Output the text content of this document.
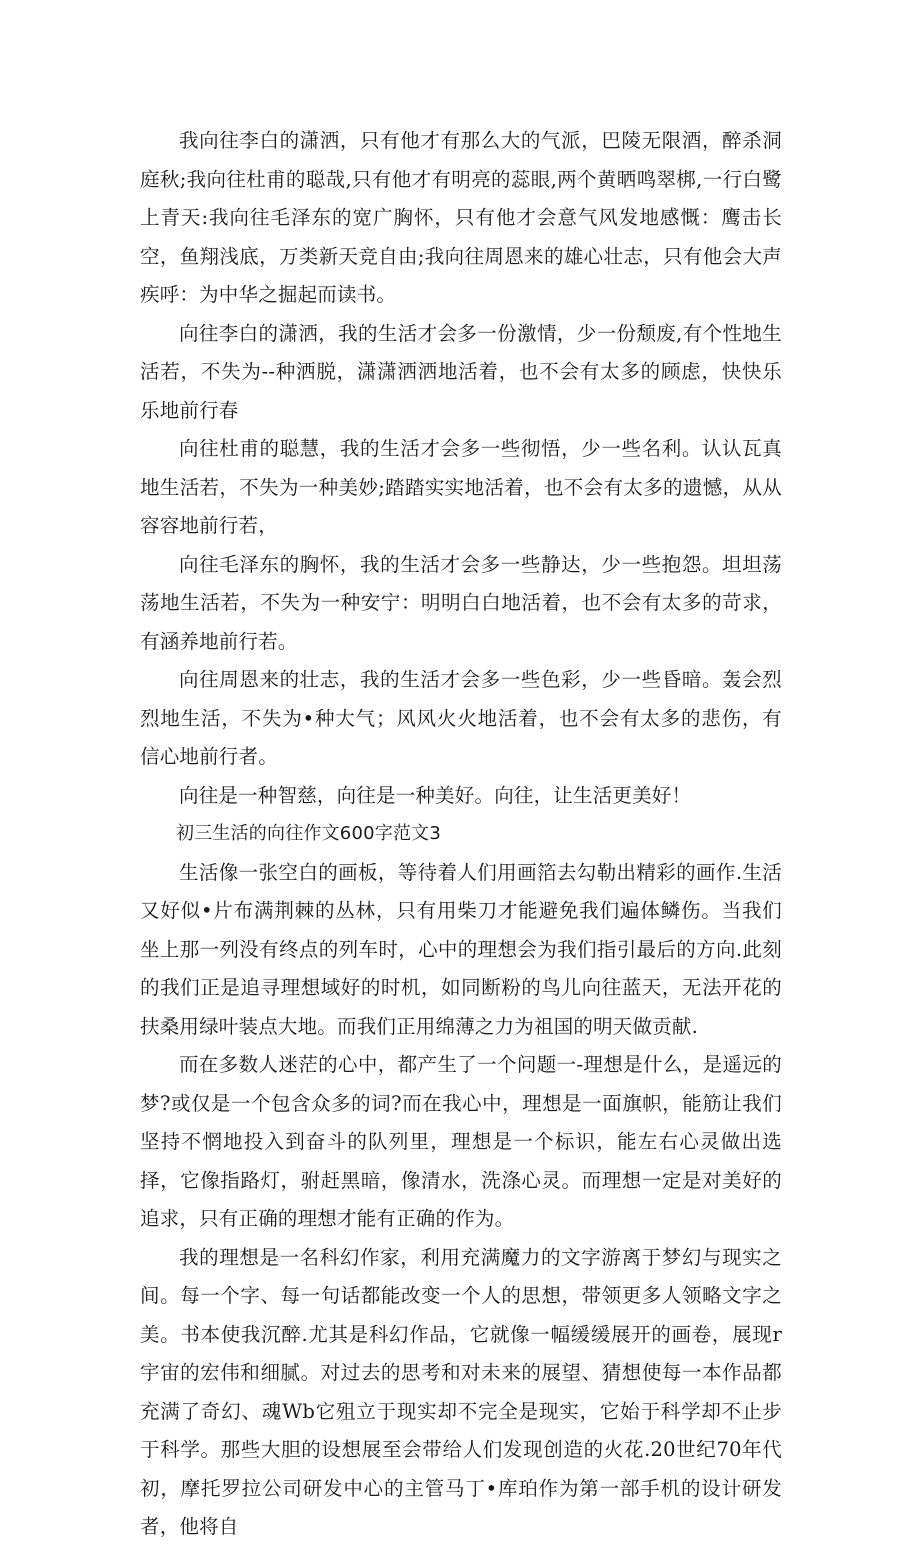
我向往李白的潇洒，只有他才有那么大的气派，巴陵无限酒，醉杀洞庭秋;我向往杜甫的聪哉,只有他才有明亮的蕊眼,两个黄晒鸣翠梆,一行白鹭上青天:我向往毛泽东的宽广胸怀，只有他才会意气风发地感慨：鹰击长空，鱼翔浅底，万类新天竞自由;我向往周恩来的雄心壮志，只有他会大声疾呼：为中华之掘起而读书。

向往李白的潇洒，我的生活才会多一份激情，少一份颓废,有个性地生活若，不失为--种洒脱，潇潇洒洒地活着，也不会有太多的顾虑，快快乐乐地前行春

向往杜甫的聪慧，我的生活才会多一些彻悟，少一些名利。认认瓦真地生活若，不失为一种美妙;踏踏实实地活着，也不会有太多的遗憾，从从容容地前行若，

向往毛泽东的胸怀，我的生活才会多一些静达，少一些抱怨。坦坦荡荡地生活若，不失为一种安宁：明明白白地活着，也不会有太多的苛求，有涵养地前行若。

向往周恩来的壮志，我的生活才会多一些色彩，少一些昏暗。轰会烈烈地生活，不失为•种大气；风风火火地活着，也不会有太多的悲伤，有信心地前行者。

向往是一种智慈，向往是一种美好。向往，让生活更美好！

初三生活的向往作文600字范文3

生活像一张空白的画板，等待着人们用画箔去勾勒出精彩的画作.生活又好似•片布满荆棘的丛林，只有用柴刀才能避免我们遍体鳞伤。当我们坐上那一列没有终点的列车时，心中的理想会为我们指引最后的方向.此刻的我们正是追寻理想域好的时机，如同断粉的鸟儿向往蓝天，无法开花的扶桑用绿叶装点大地。而我们正用绵薄之力为祖国的明天做贡献.

而在多数人迷茫的心中，都产生了一个问题一-理想是什么，是遥远的梦?或仅是一个包含众多的词?而在我心中，理想是一面旗帜，能筋让我们坚持不惘地投入到奋斗的队列里，理想是一个标识，能左右心灵做出选择，它像指路灯，驸赶黑暗，像清水，洗涤心灵。而理想一定是对美好的追求，只有正确的理想才能有正确的作为。

我的理想是一名科幻作家，利用充满魔力的文字游离于梦幻与现实之间。每一个字、每一句话都能改变一个人的思想，带领更多人领略文字之美。书本使我沉醉.尤其是科幻作品，它就像一幅缓缓展开的画卷，展现r宇宙的宏伟和细腻。对过去的思考和对未来的展望、猜想使每一本作品都充满了奇幻、魂Wb它殂立于现实却不完全是现实，它始于科学却不止步于科学。那些大胆的设想展至会带给人们发现创造的火花.20世纪70年代初，摩托罗拉公司研发中心的主管马丁•库珀作为第一部手机的设计研发者，他将自
